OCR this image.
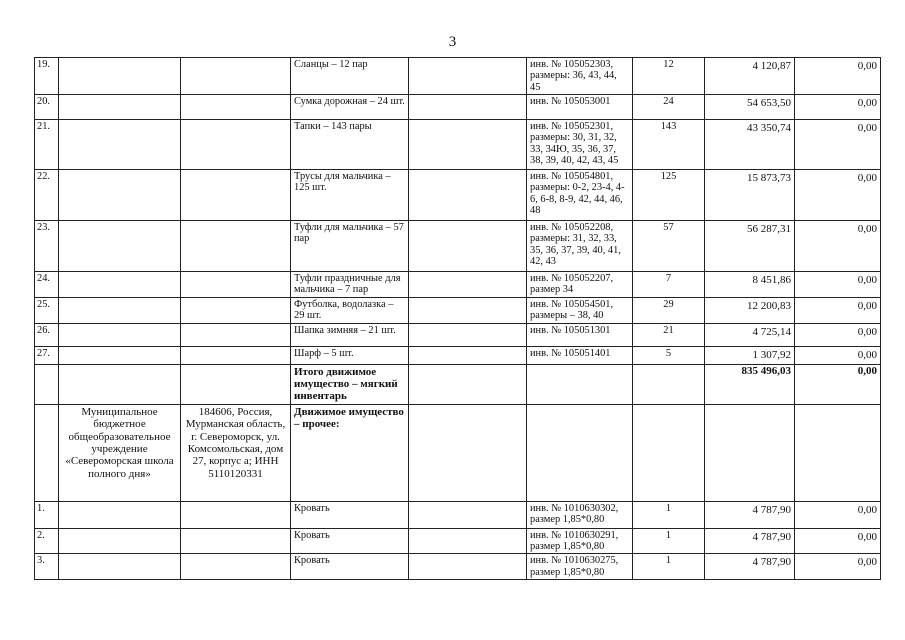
3
19.			Сланцы – 12 пар		инв. № 105052303, размеры: 36, 43, 44, 45	12	4 120,87	0,00
20.			Сумка дорожная – 24 шт.		инв. № 105053001	24	54 653,50	0,00
21.			Тапки – 143 пары		инв. № 105052301, размеры: 30, 31, 32, 33, 34Ю, 35, 36, 37, 38, 39, 40, 42, 43, 45	143	43 350,74	0,00
22.			Трусы для мальчика – 125 шт.		инв. № 105054801, размеры: 0-2, 23-4, 4-6, 6-8, 8-9, 42, 44, 46, 48	125	15 873,73	0,00
23.			Туфли для мальчика – 57 пар		инв. № 105052208, размеры: 31, 32, 33, 35, 36, 37, 39, 40, 41, 42, 43	57	56 287,31	0,00
24.			Туфли праздничные для мальчика – 7 пар		инв. № 105052207, размер 34	7	8 451,86	0,00
25.			Футболка, водолазка – 29 шт.		инв. № 105054501, размеры – 38, 40	29	12 200,83	0,00
26.			Шапка зимняя – 21 шт.		инв. № 105051301	21	4 725,14	0,00
27.			Шарф – 5 шт.		инв. № 105051401	5	1 307,92	0,00
			Итого движимое имущество – мягкий инвентарь				835 496,03	0,00
	Муниципальное бюджетное общеобразовательное учреждение «Североморская школа полного дня»	184606, Россия, Мурманская область, г. Североморск, ул. Комсомольская, дом 27, корпус а; ИНН 5110120331	Движимое имущество – прочее:					
1.			Кровать		инв. № 1010630302, размер 1,85*0,80	1	4 787,90	0,00
2.			Кровать		инв. № 1010630291, размер 1,85*0,80	1	4 787,90	0,00
3.			Кровать		инв. № 1010630275, размер 1,85*0,80	1	4 787,90	0,00
